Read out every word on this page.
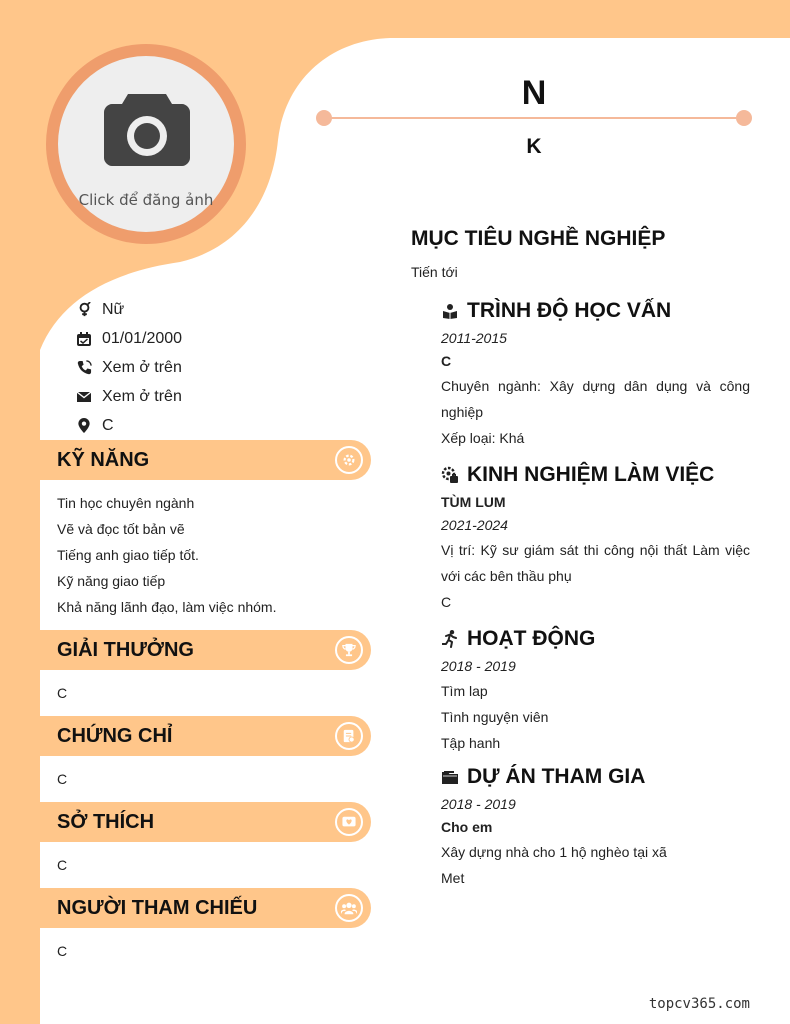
Click để đăng ảnh
N
K
Nữ
01/01/2000
Xem ở trên
Xem ở trên
C
KỸ NĂNG
Tin học chuyên ngành
Vẽ và đọc tốt bản vẽ
Tiếng anh giao tiếp tốt.
Kỹ năng giao tiếp
Khả năng lãnh đạo, làm việc nhóm.
GIẢI THƯỞNG
C
CHỨNG CHỈ
C
SỞ THÍCH
C
NGƯỜI THAM CHIẾU
C
MỤC TIÊU NGHỀ NGHIỆP
Tiến tới
TRÌNH ĐỘ HỌC VẤN
2011-2015
C
Chuyên ngành: Xây dựng dân dụng và công nghiệp
Xếp loại: Khá
KINH NGHIỆM LÀM VIỆC
TÙM LUM
2021-2024
Vị trí: Kỹ sư giám sát thi công nội thất Làm việc với các bên thầu phụ
C
HOẠT ĐỘNG
2018 - 2019
Tìm lap
Tình nguyện viên
Tập hanh
DỰ ÁN THAM GIA
2018 - 2019
Cho em
Xây dựng nhà cho 1 hộ nghèo tại xã
Met
topcv365.com
